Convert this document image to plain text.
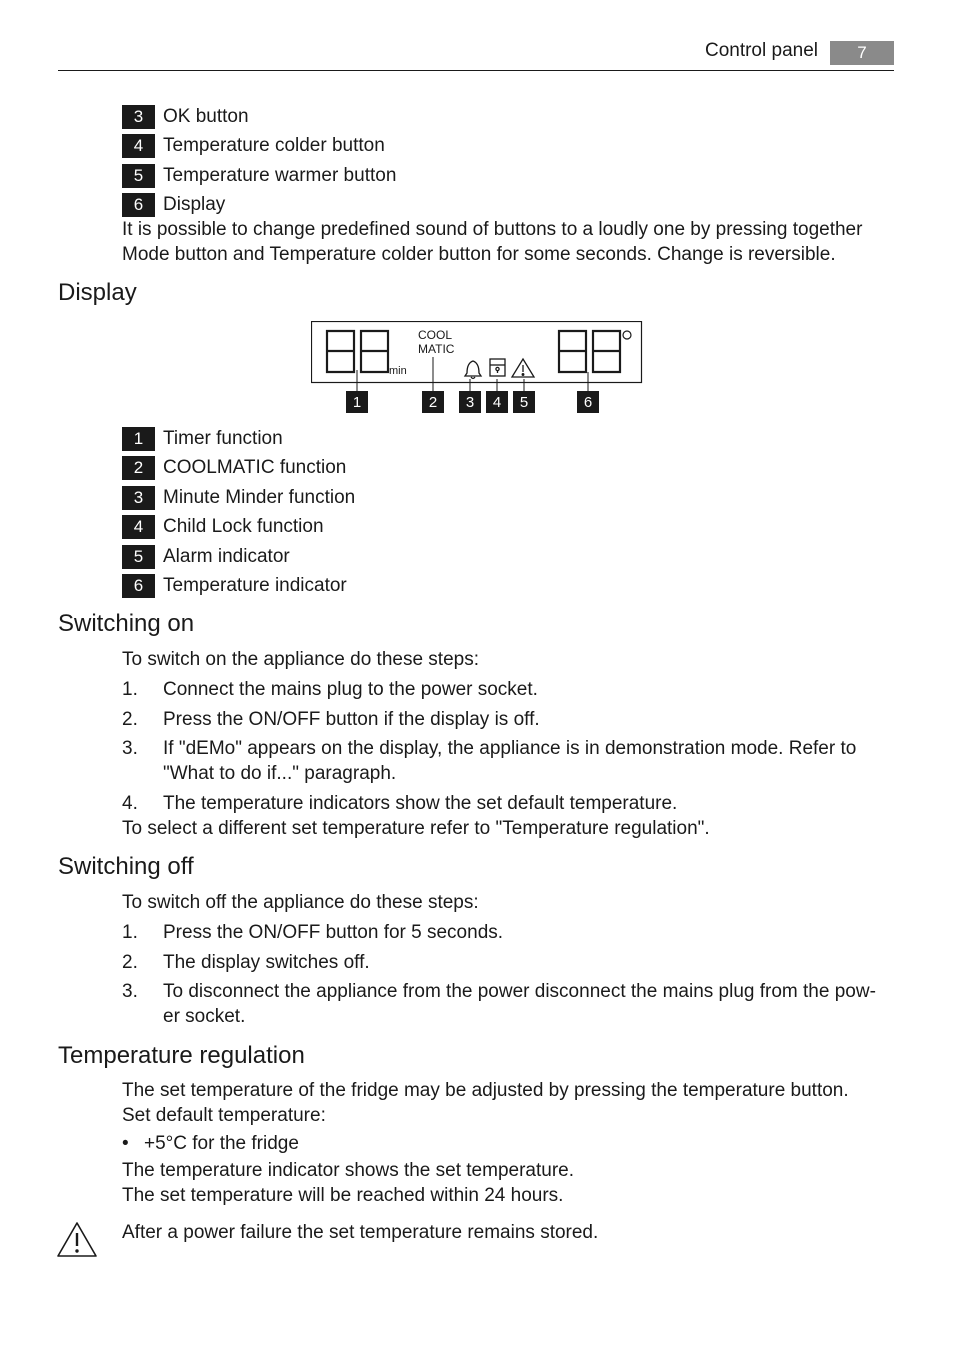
Control panel	7
3	OK button
4	Temperature colder button
5	Temperature warmer button
6	Display
It is possible to change predefined sound of buttons to a loudly one by pressing together
Mode button and Temperature colder button for some seconds. Change is reversible.
Display
min
COOL
MATIC
1	2 3 4 5	6
1	Timer function
2	COOLMATIC function
3	Minute Minder function
4	Child Lock function
5	Alarm indicator
6	Temperature indicator
Switching on
To switch on the appliance do these steps:
1.	Connect the mains plug to the power socket.
2.	Press the ON/OFF button if the display is off.
3.	If "dEMo" appears on the display, the appliance is in demonstration mode. Refer to
"What to do if..." paragraph.
4.	The temperature indicators show the set default temperature.
To select a different set temperature refer to "Temperature regulation".
Switching off
To switch off the appliance do these steps:
1.	Press the ON/OFF button for 5 seconds.
2.	The display switches off.
3.	To disconnect the appliance from the power disconnect the mains plug from the pow-
er socket.
Temperature regulation
The set temperature of the fridge may be adjusted by pressing the temperature button.
Set default temperature:
• +5°C for the fridge
The temperature indicator shows the set temperature.
The set temperature will be reached within 24 hours.
After a power failure the set temperature remains stored.
